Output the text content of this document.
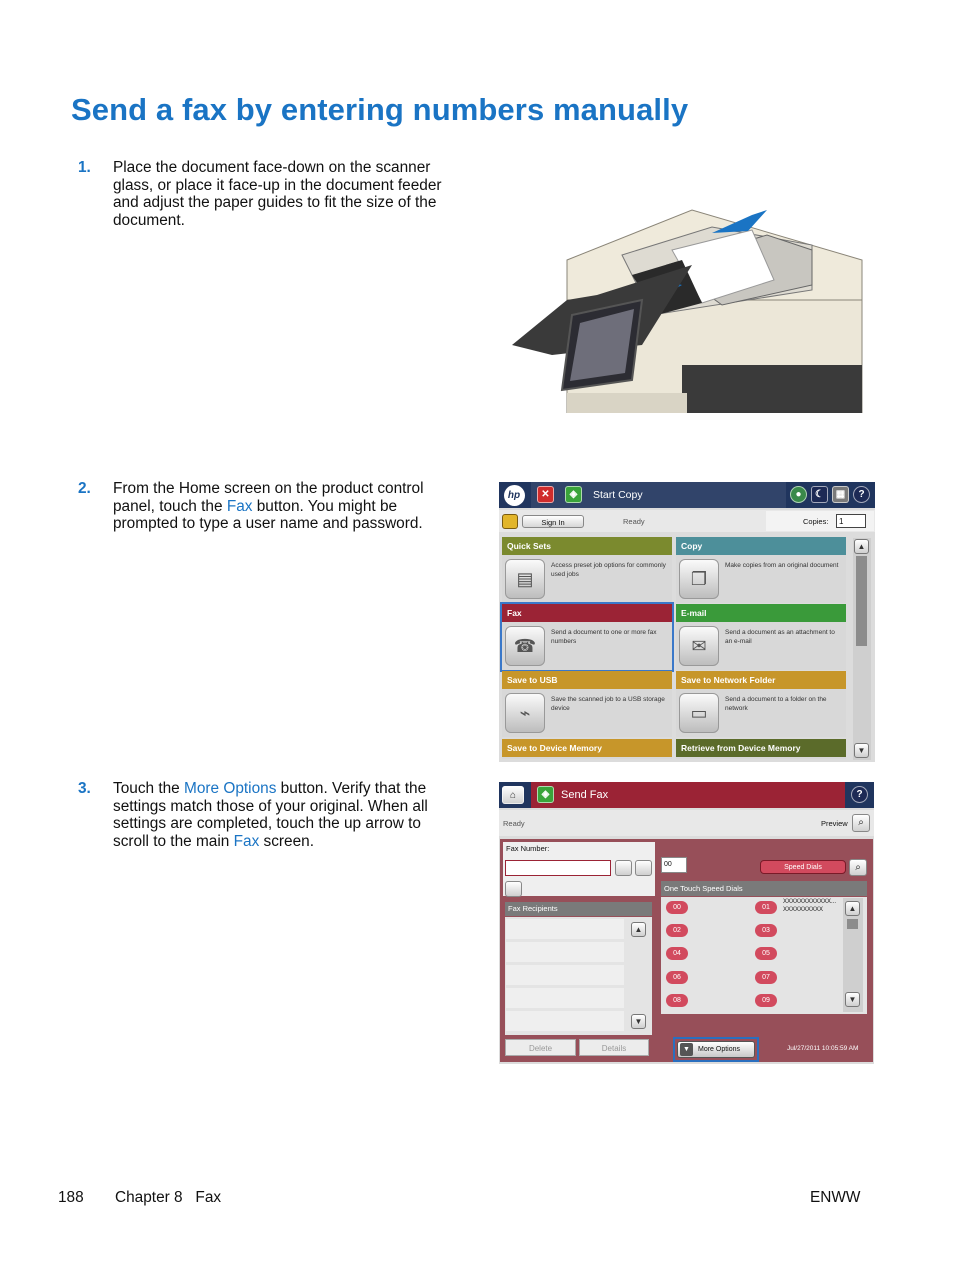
Send a fax by entering numbers manually
1. Place the document face-down on the scanner glass, or place it face-up in the document feeder and adjust the paper guides to fit the size of the document.
2. From the Home screen on the product control panel, touch the Fax button. You might be prompted to type a user name and password.
3. Touch the More Options button. Verify that the settings match those of your original. When all settings are completed, touch the up arrow to scroll to the main Fax screen.
hp	✕	◈	Start Copy	●	☾	▦	?
Sign In	Ready	Copies:	1
Quick Sets
▤
Access preset job options for commonly used jobs
Copy
❐
Make copies from an original document
Fax
☎
Send a document to one or more fax numbers
E-mail
✉
Send a document as an attachment to an e-mail
Save to USB
⌁
Save the scanned job to a USB storage device
Save to Network Folder
▭
Send a document to a folder on the network
Save to Device Memory	Retrieve from Device Memory
▲
▼
⌂	◈	Send Fax	?
Ready	Preview	⌕
Fax Number:
Fax Recipients
▲
▼
Delete	Details
00	Speed Dials	⌕
One Touch Speed Dials
00	01
XXXXXXXXXXXX...
XXXXXXXXXX
02	03
04	05
06	07
08	09
▲
▼
More Options
▼	Jul/27/2011 10:05:59 AM
188 Chapter 8   Fax	ENWW
